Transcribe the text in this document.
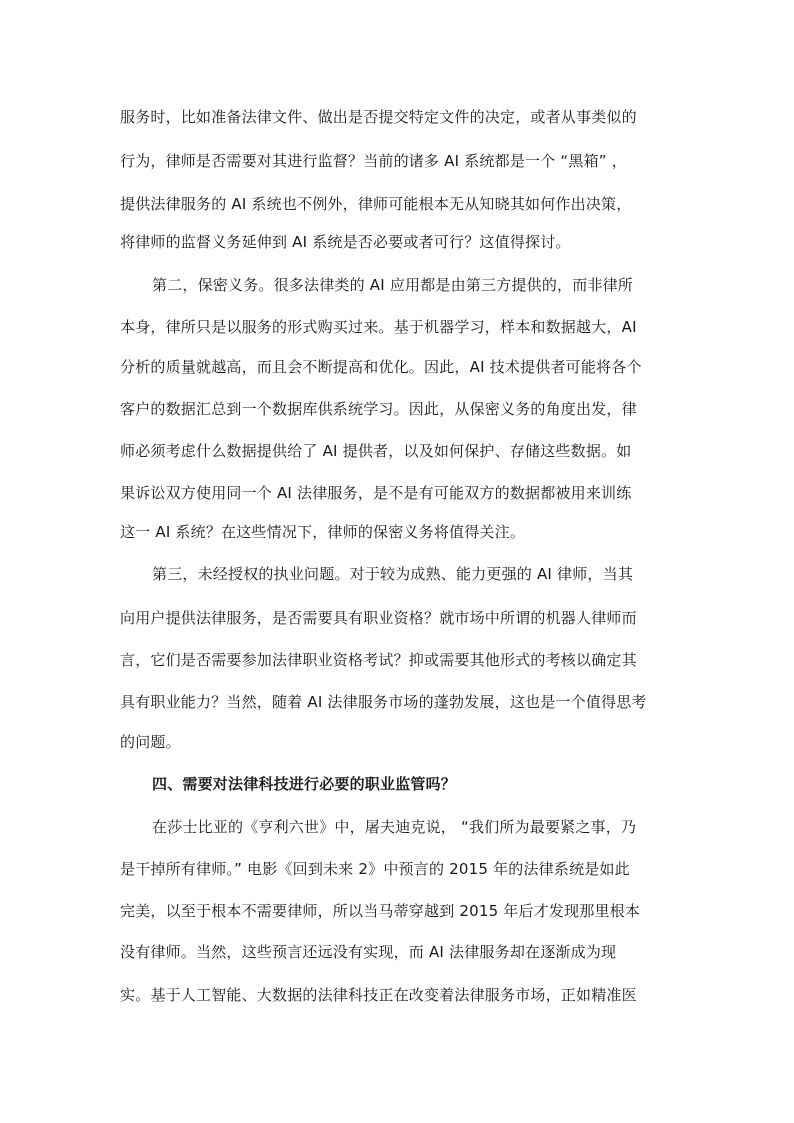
服务时，比如准备法律文件、做出是否提交特定文件的决定，或者从事类似的
行为，律师是否需要对其进行监督？当前的诸多 AI 系统都是一个 “黑箱” ，
提供法律服务的 AI 系统也不例外，律师可能根本无从知晓其如何作出决策，
将律师的监督义务延伸到 AI 系统是否必要或者可行？这值得探讨。
第二，保密义务。很多法律类的 AI 应用都是由第三方提供的，而非律所
本身，律所只是以服务的形式购买过来。基于机器学习，样本和数据越大，AI
分析的质量就越高，而且会不断提高和优化。因此，AI 技术提供者可能将各个
客户的数据汇总到一个数据库供系统学习。因此，从保密义务的角度出发，律
师必须考虑什么数据提供给了 AI 提供者，以及如何保护、存储这些数据。如
果诉讼双方使用同一个 AI 法律服务，是不是有可能双方的数据都被用来训练
这一 AI 系统？在这些情况下，律师的保密义务将值得关注。
第三，未经授权的执业问题。对于较为成熟、能力更强的 AI 律师，当其
向用户提供法律服务，是否需要具有职业资格？就市场中所谓的机器人律师而
言，它们是否需要参加法律职业资格考试？抑或需要其他形式的考核以确定其
具有职业能力？当然，随着 AI 法律服务市场的蓬勃发展，这也是一个值得思考
的问题。
四、需要对法律科技进行必要的职业监管吗？
在莎士比亚的《亨利六世》中，屠夫迪克说， “我们所为最要紧之事，乃
是干掉所有律师。” 电影《回到未来 2》中预言的 2015 年的法律系统是如此
完美，以至于根本不需要律师，所以当马蒂穿越到 2015 年后才发现那里根本
没有律师。当然，这些预言还远没有实现，而 AI 法律服务却在逐渐成为现
实。基于人工智能、大数据的法律科技正在改变着法律服务市场，正如精准医
